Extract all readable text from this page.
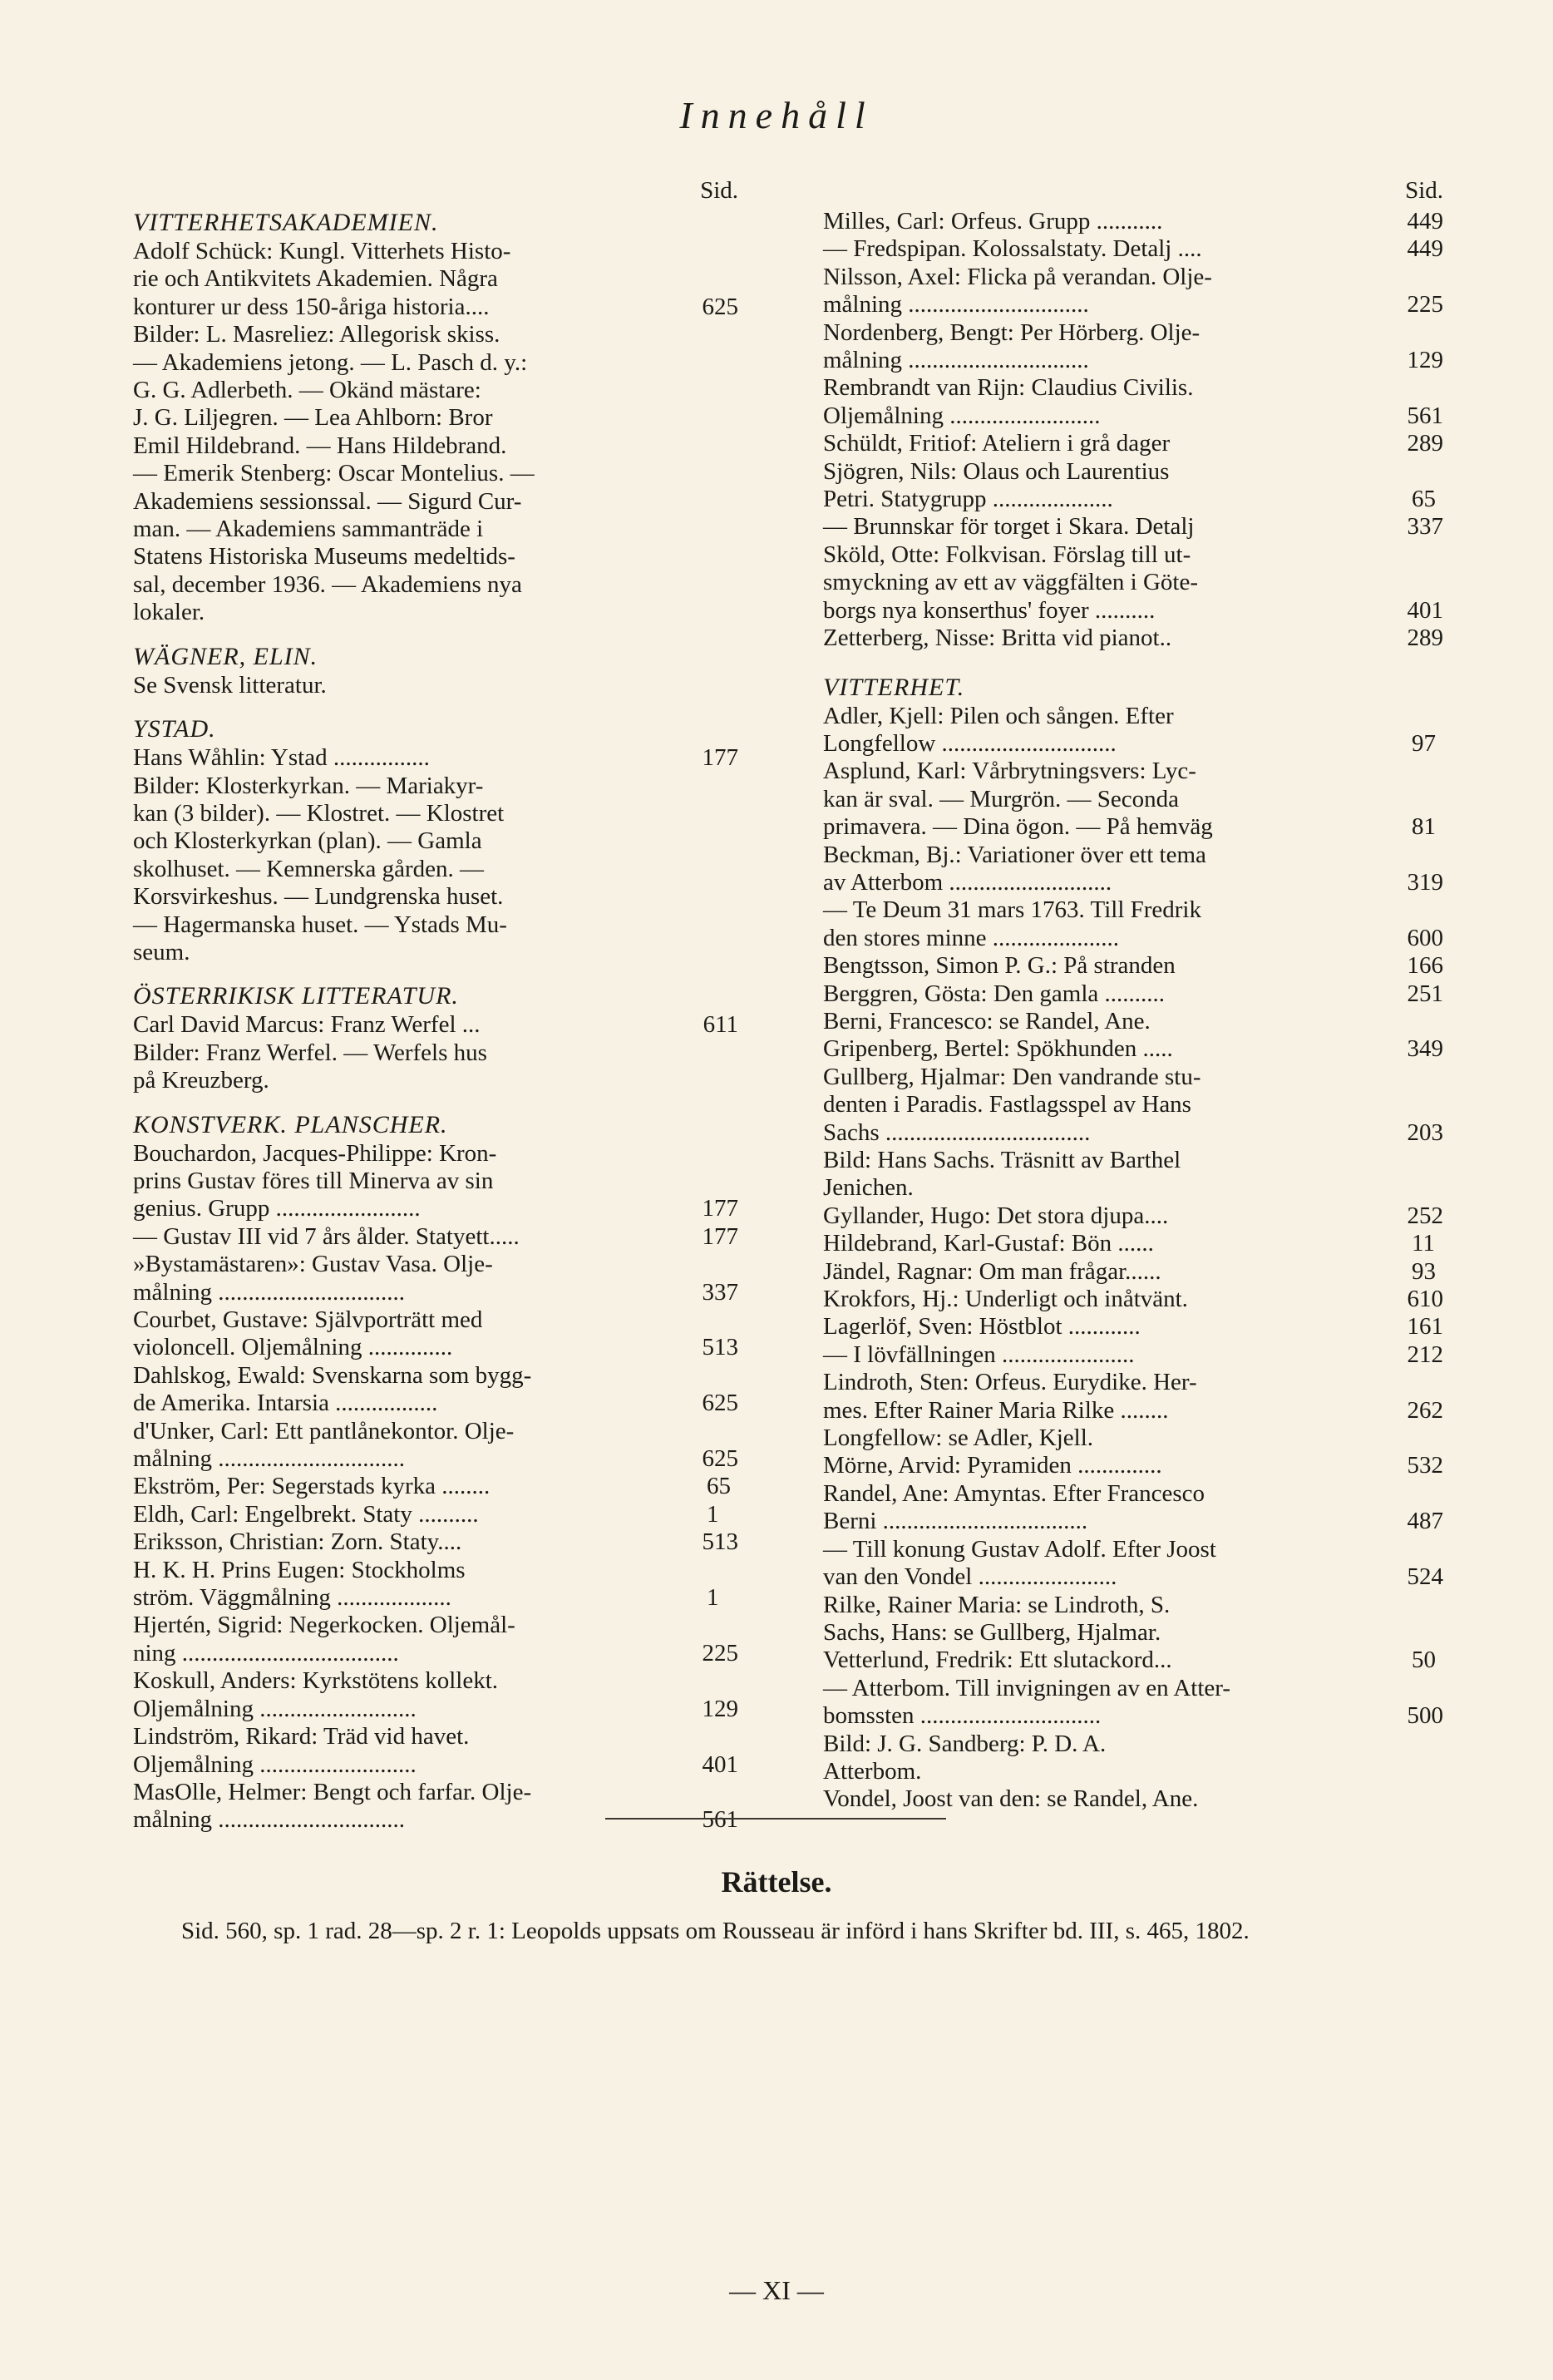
Innehåll
Sid.
VITTERHETSAKADEMIEN.
Adolf Schück: Kungl. Vitterhets Histo-
rie och Antikvitets Akademien. Några
625
konturer ur dess 150-åriga historia....
Bilder: L. Masreliez: Allegorisk skiss.
— Akademiens jetong. — L. Pasch d. y.:
G. G. Adlerbeth. — Okänd mästare:
J. G. Liljegren. — Lea Ahlborn: Bror
Emil Hildebrand. — Hans Hildebrand.
— Emerik Stenberg: Oscar Montelius. —
Akademiens sessionssal. — Sigurd Cur-
man. — Akademiens sammanträde i
Statens Historiska Museums medeltids-
sal, december 1936. — Akademiens nya
lokaler.
WÄGNER, ELIN.
Se Svensk litteratur.
YSTAD.
177
Hans Wåhlin: Ystad ................
Bilder: Klosterkyrkan. — Mariakyr-
kan (3 bilder). — Klostret. — Klostret
och Klosterkyrkan (plan). — Gamla
skolhuset. — Kemnerska gården. —
Korsvirkeshus. — Lundgrenska huset.
— Hagermanska huset. — Ystads Mu-
seum.
ÖSTERRIKISK LITTERATUR.
611
Carl David Marcus: Franz Werfel ...
Bilder: Franz Werfel. — Werfels hus
på Kreuzberg.
KONSTVERK. PLANSCHER.
Bouchardon, Jacques-Philippe: Kron-
prins Gustav föres till Minerva av sin
177
genius. Grupp ........................
177
— Gustav III vid 7 års ålder. Statyett.....
»Bystamästaren»: Gustav Vasa. Olje-
337
målning ...............................
Courbet, Gustave: Självporträtt med
513
violoncell. Oljemålning ..............
Dahlskog, Ewald: Svenskarna som bygg-
625
de Amerika. Intarsia .................
d'Unker, Carl: Ett pantlånekontor. Olje-
625
målning ...............................
65
Ekström, Per: Segerstads kyrka ........
1
Eldh, Carl: Engelbrekt. Staty ..........
513
Eriksson, Christian: Zorn. Staty....
H. K. H. Prins Eugen: Stockholms
1
ström. Väggmålning ...................
Hjertén, Sigrid: Negerkocken. Oljemål-
225
ning ....................................
Koskull, Anders: Kyrkstötens kollekt.
129
Oljemålning ..........................
Lindström, Rikard: Träd vid havet.
401
Oljemålning ..........................
MasOlle, Helmer: Bengt och farfar. Olje-
561
målning ...............................
Sid.
449
Milles, Carl: Orfeus. Grupp ...........
449
— Fredspipan. Kolossalstaty. Detalj ....
Nilsson, Axel: Flicka på verandan. Olje-
225
målning ..............................
Nordenberg, Bengt: Per Hörberg. Olje-
129
målning ..............................
Rembrandt van Rijn: Claudius Civilis.
561
Oljemålning .........................
289
Schüldt, Fritiof: Ateliern i grå dager
Sjögren, Nils: Olaus och Laurentius
65
Petri. Statygrupp ....................
337
— Brunnskar för torget i Skara. Detalj
Sköld, Otte: Folkvisan. Förslag till ut-
smyckning av ett av väggfälten i Göte-
401
borgs nya konserthus' foyer ..........
289
Zetterberg, Nisse: Britta vid pianot..
VITTERHET.
Adler, Kjell: Pilen och sången. Efter
97
Longfellow .............................
Asplund, Karl: Vårbrytningsvers: Lyc-
kan är sval. — Murgrön. — Seconda
81
primavera. — Dina ögon. — På hemväg
Beckman, Bj.: Variationer över ett tema
319
av Atterbom ...........................
— Te Deum 31 mars 1763. Till Fredrik
600
den stores minne .....................
166
Bengtsson, Simon P. G.: På stranden
251
Berggren, Gösta: Den gamla ..........
Berni, Francesco: se Randel, Ane.
349
Gripenberg, Bertel: Spökhunden .....
Gullberg, Hjalmar: Den vandrande stu-
denten i Paradis. Fastlagsspel av Hans
203
Sachs ..................................
Bild: Hans Sachs. Träsnitt av Barthel
Jenichen.
252
Gyllander, Hugo: Det stora djupa....
11
Hildebrand, Karl-Gustaf: Bön ......
93
Jändel, Ragnar: Om man frågar......
610
Krokfors, Hj.: Underligt och inåtvänt.
161
Lagerlöf, Sven: Höstblot ............
212
— I lövfällningen ......................
Lindroth, Sten: Orfeus. Eurydike. Her-
262
mes. Efter Rainer Maria Rilke ........
Longfellow: se Adler, Kjell.
532
Mörne, Arvid: Pyramiden ..............
Randel, Ane: Amyntas. Efter Francesco
487
Berni ..................................
— Till konung Gustav Adolf. Efter Joost
524
van den Vondel .......................
Rilke, Rainer Maria: se Lindroth, S.
Sachs, Hans: se Gullberg, Hjalmar.
50
Vetterlund, Fredrik: Ett slutackord...
— Atterbom. Till invigningen av en Atter-
500
bomssten ..............................
Bild: J. G. Sandberg: P. D. A.
Atterbom.
Vondel, Joost van den: se Randel, Ane.
Rättelse.
Sid. 560, sp. 1 rad. 28—sp. 2 r. 1: Leopolds uppsats om Rousseau är införd i hans Skrifter bd. III, s. 465, 1802.
— XI —
